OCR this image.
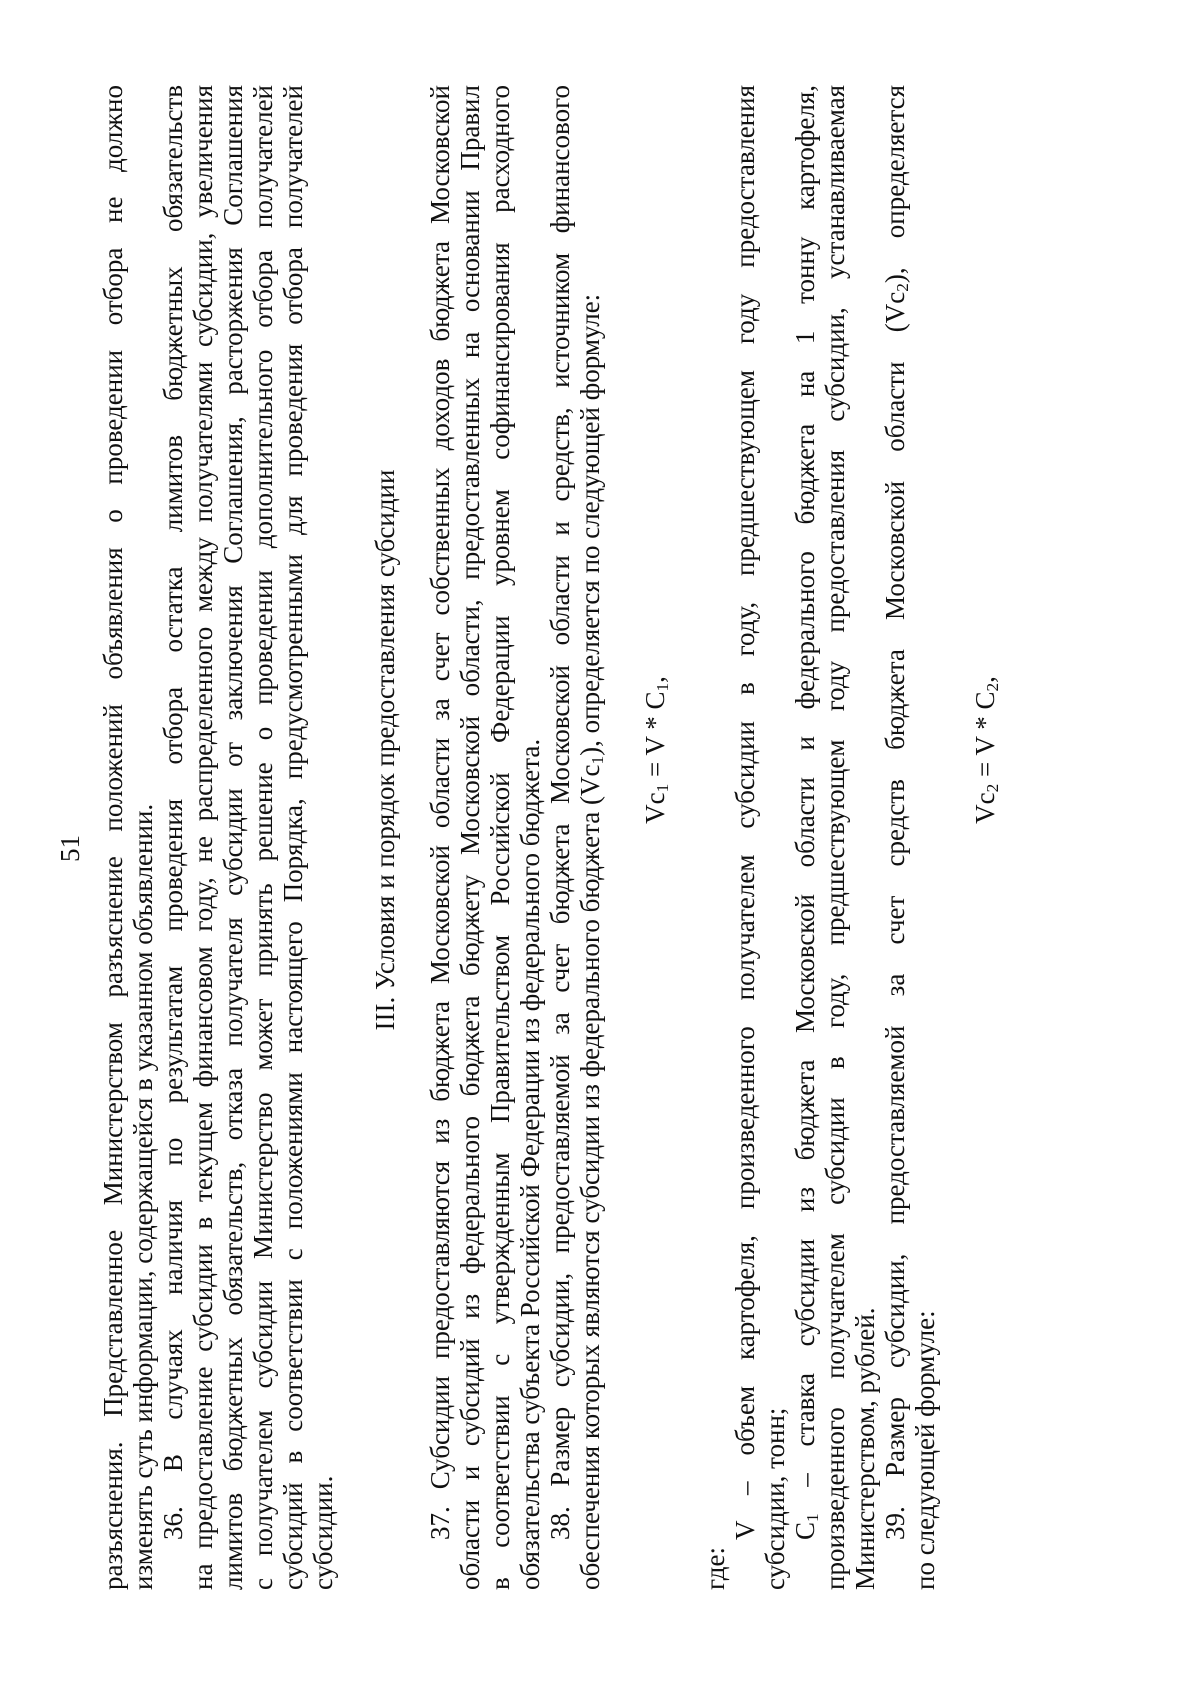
51 разъяснения. Представленное Министерством разъяснение положений объявления о проведении отбора не должно изменять суть информации, содержащейся в указанном объявлении. 36. В случаях наличия по результатам проведения отбора остатка лимитов бюджетных обязательств на предоставление субсидии в текущем финансовом году, не распределенного между получателями субсидии, увеличения лимитов бюджетных обязательств, отказа получателя субсидии от заключения Соглашения, расторжения Соглашения с получателем субсидии Министерство может принять решение о проведении дополнительного отбора получателей субсидий в соответствии с положениями настоящего Порядка, предусмотренными для проведения отбора получателей субсидии.
III. Условия и порядок предоставления субсидии 37. Субсидии предоставляются из бюджета Московской области за счет собственных доходов бюджета Московской области и субсидий из федерального бюджета бюджету Московской области, предоставленных на основании Правил в соответствии с утвержденным Правительством Российской Федерации уровнем софинансирования расходного обязательства субъекта Российской Федерации из федерального бюджета. 38. Размер субсидии, предоставляемой за счет бюджета Московской области и средств, источником финансового обеспечения которых являются субсидии из федерального бюджета $(Vc_1)$, определяется по следующей формуле:
$Vc_1 = V * C_1$,
где:
V – объем картофеля, произведенного получателем субсидии в году, предшествующем году предоставления субсидии, тонн; $C_1$ – ставка субсидии из бюджета Московской области и федерального бюджета на 1 тонну картофеля, произведенного получателем субсидии в году, предшествующем году предоставления субсидии, устанавливаемая Министерством, рублей. 39. Размер субсидии, предоставляемой за счет средств бюджета Московской области $(Vc_2)$, определяется
по следующей формуле:
$Vc_2 = V * C_2$,
